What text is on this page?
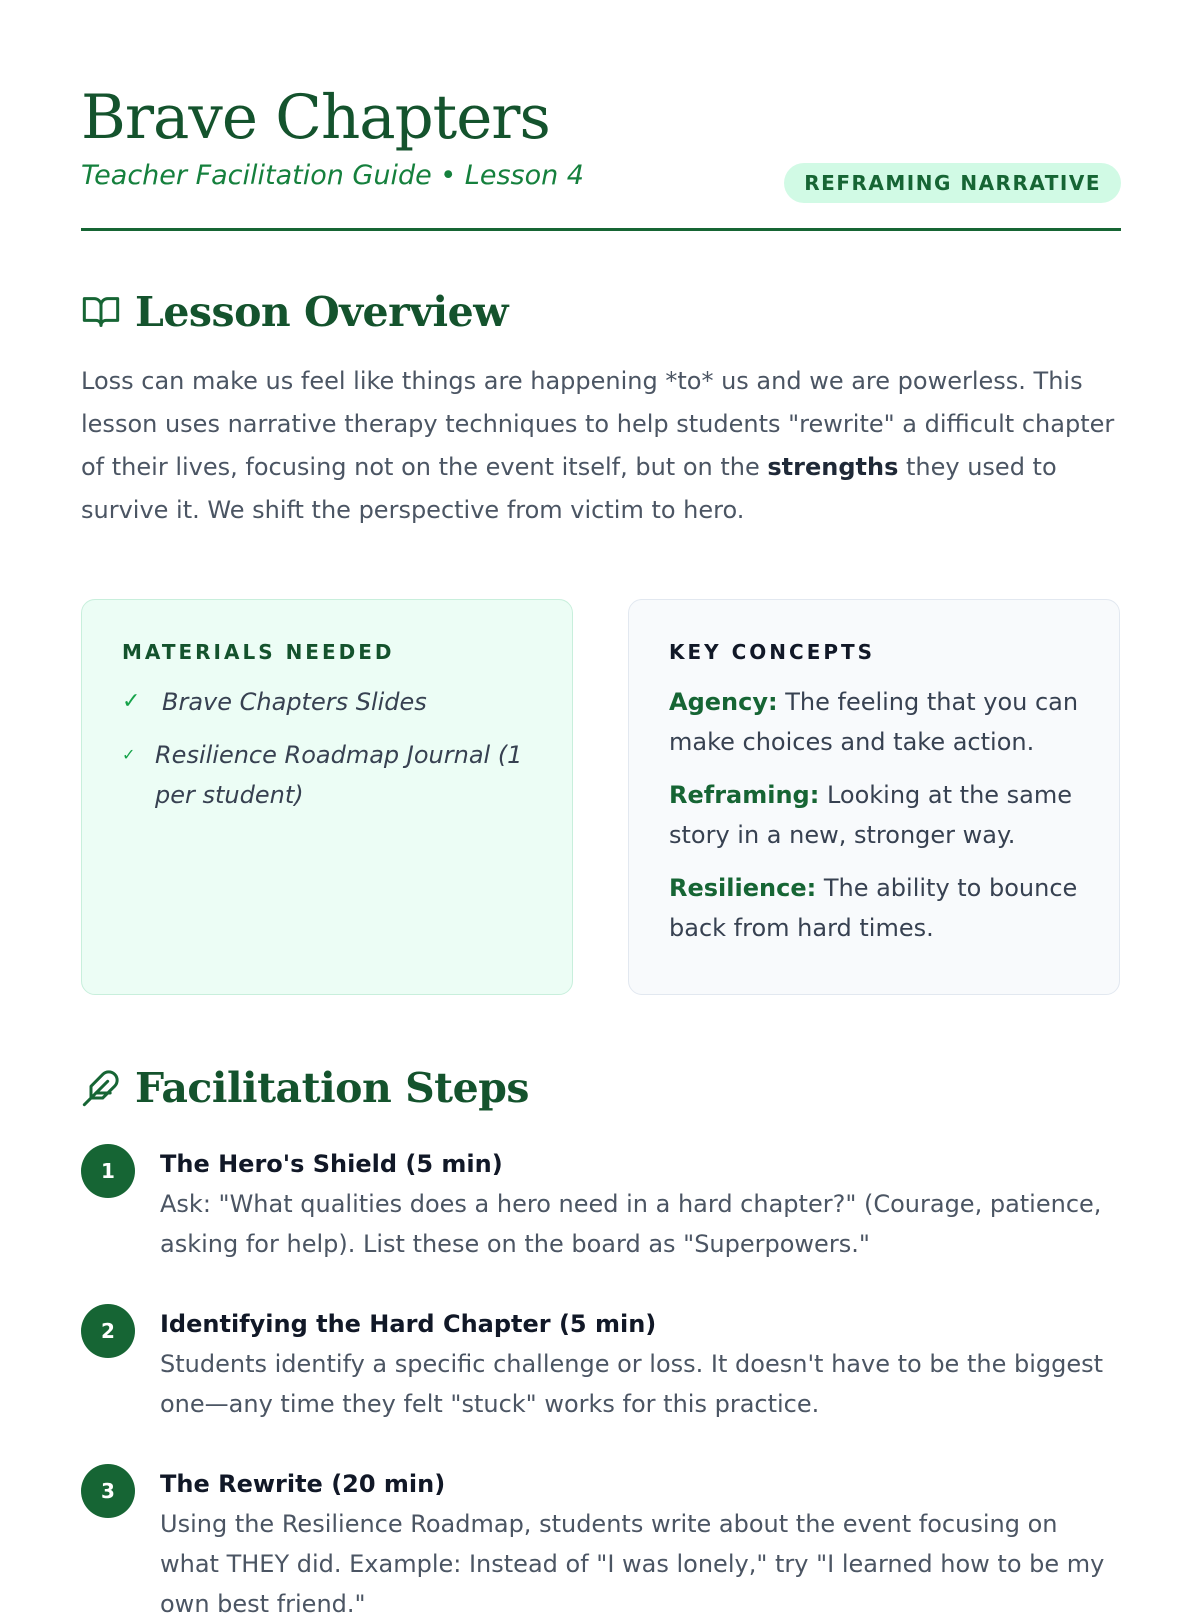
Brave Chapters
Teacher Facilitation Guide • Lesson 4	REFRAMING NARRATIVE
Lesson Overview

Loss can make us feel like things are happening *to* us and we are powerless. This lesson uses narrative therapy techniques to help students "rewrite" a difficult chapter of their lives, focusing not on the event itself, but on the strengths they used to survive it. We shift the perspective from victim to hero.

MATERIALS NEEDED
✓ Brave Chapters Slides
✓ Resilience Roadmap Journal (1 per student)
KEY CONCEPTS
Agency: The feeling that you can make choices and take action.
Reframing: Looking at the same story in a new, stronger way.
Resilience: The ability to bounce back from hard times.
Facilitation Steps
1	The Hero's Shield (5 min)
Ask: "What qualities does a hero need in a hard chapter?" (Courage, patience, asking for help). List these on the board as "Superpowers."
2	Identifying the Hard Chapter (5 min)
Students identify a specific challenge or loss. It doesn't have to be the biggest one—any time they felt "stuck" works for this practice.
3	The Rewrite (20 min)
Using the Resilience Roadmap, students write about the event focusing on what THEY did. Example: Instead of "I was lonely," try "I learned how to be my own best friend."
